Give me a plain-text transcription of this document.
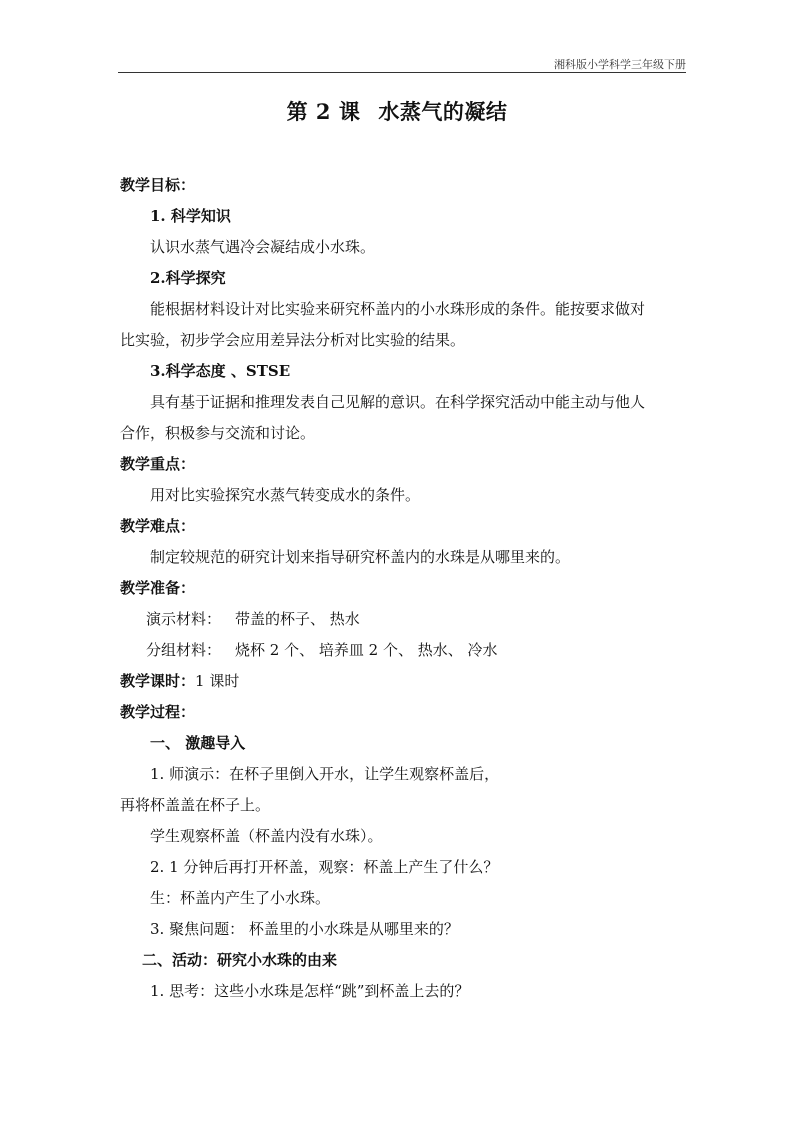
湘科版小学科学三年级下册
第 2 课 水蒸气的凝结
教学目标：
1. 科学知识
认识水蒸气遇冷会凝结成小水珠。
2.科学探究
能根据材料设计对比实验来研究杯盖内的小水珠形成的条件。能按要求做对
比实验，初步学会应用差异法分析对比实验的结果。
3.科学态度 、STSE
具有基于证据和推理发表自己见解的意识。在科学探究活动中能主动与他人
合作，积极参与交流和讨论。
教学重点：
用对比实验探究水蒸气转变成水的条件。
教学难点：
制定较规范的研究计划来指导研究杯盖内的水珠是从哪里来的。
教学准备：
演示材料： 带盖的杯子、 热水
分组材料： 烧杯 2 个、 培养皿 2 个、 热水、 冷水
教学课时：1 课时
教学过程：
一、 激趣导入
1. 师演示：在杯子里倒入开水，让学生观察杯盖后，
再将杯盖盖在杯子上。
学生观察杯盖（杯盖内没有水珠）。
2. 1 分钟后再打开杯盖，观察：杯盖上产生了什么？
生：杯盖内产生了小水珠。
3. 聚焦问题： 杯盖里的小水珠是从哪里来的？
二、活动：研究小水珠的由来
1. 思考：这些小水珠是怎样“跳”到杯盖上去的？
